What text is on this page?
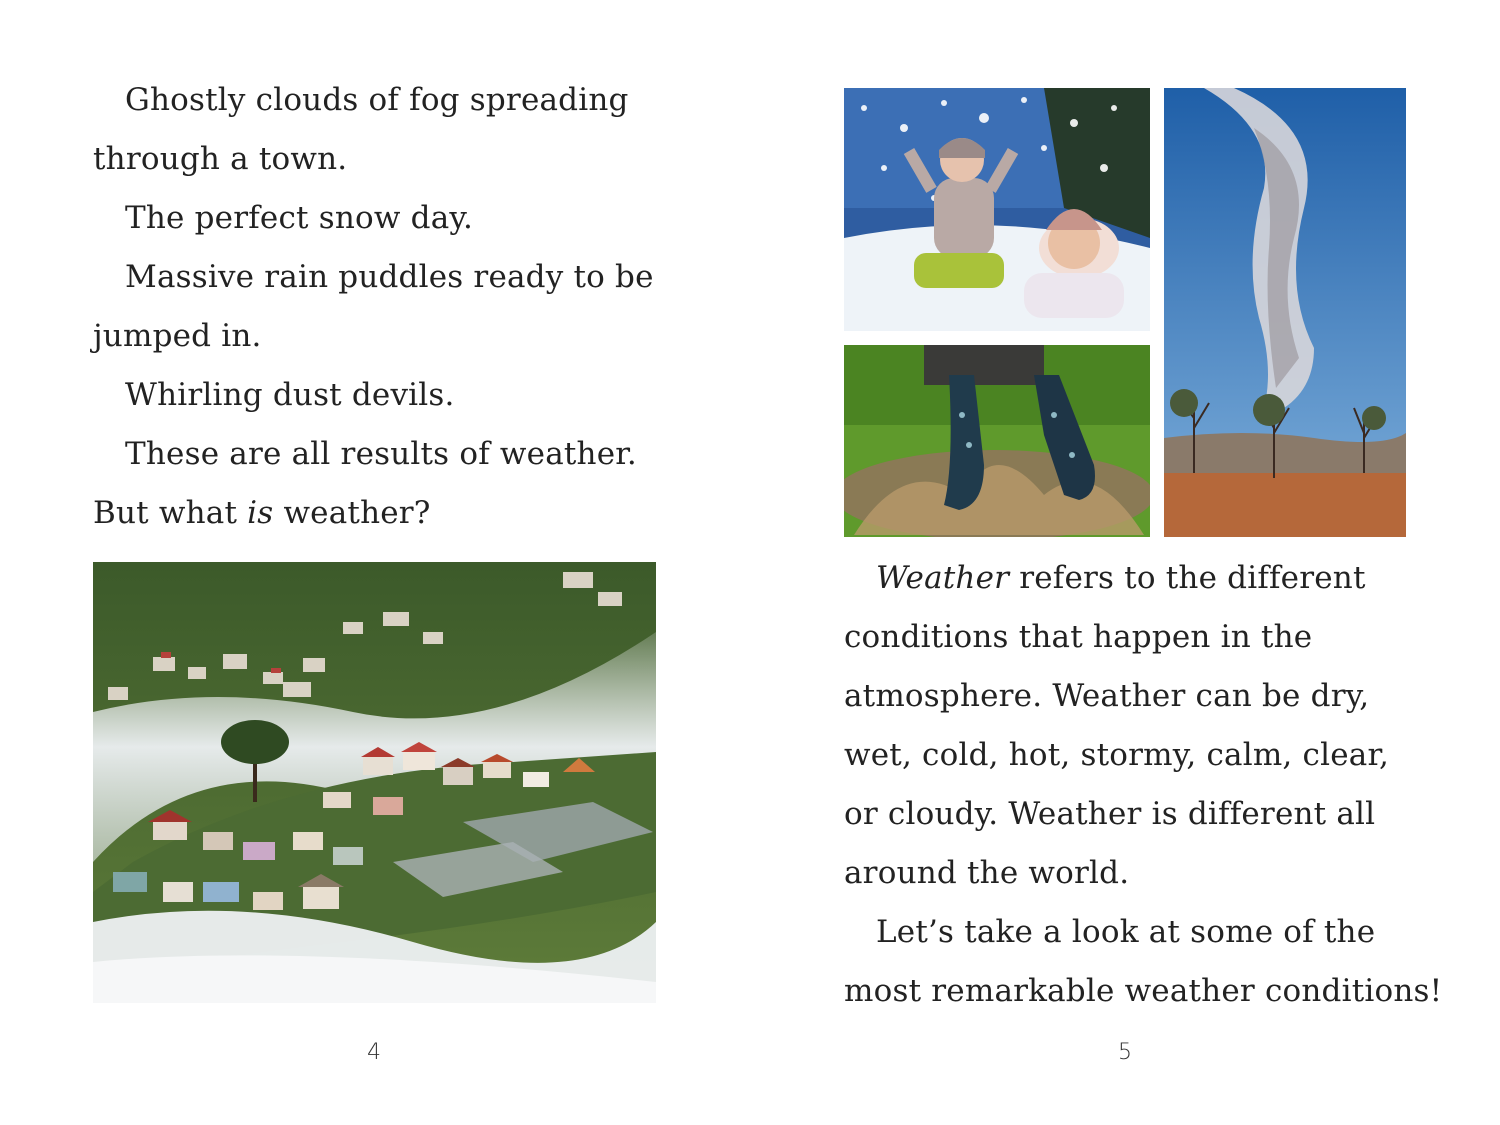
Ghostly clouds of fog spreading
through a town.
The perfect snow day.
Massive rain puddles ready to be
jumped in.
Whirling dust devils.
These are all results of weather.
But what is weather?
4
Weather refers to the different
conditions that happen in the
atmosphere. Weather can be dry,
wet, cold, hot, stormy, calm, clear,
or cloudy. Weather is different all
around the world.
Let’s take a look at some of the
most remarkable weather conditions!
5
